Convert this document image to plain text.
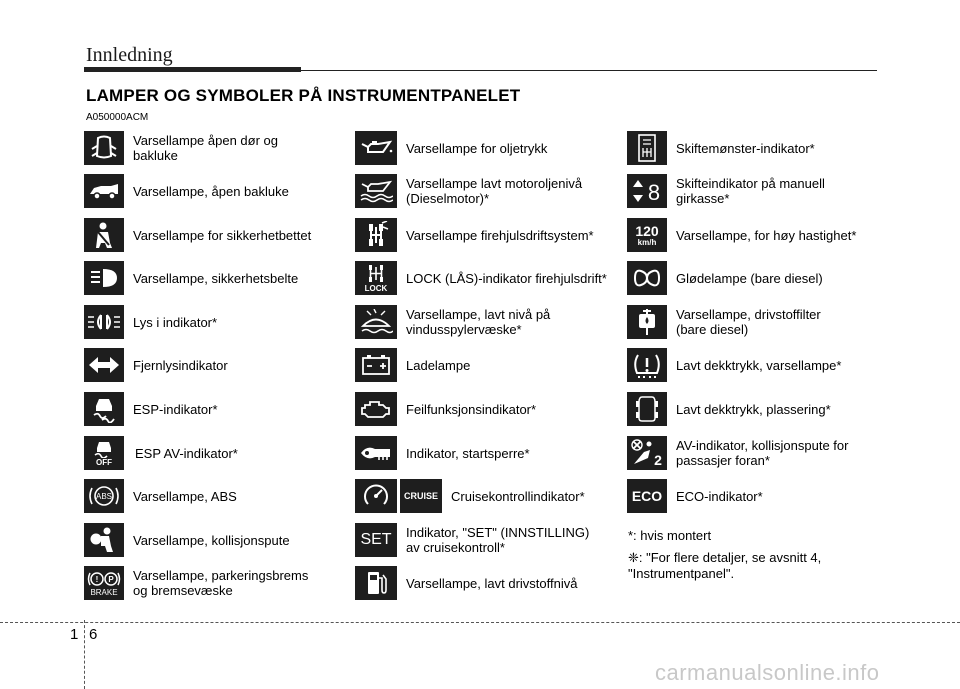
Innledning
LAMPER OG SYMBOLER PÅ INSTRUMENTPANELET
A050000ACM
Varsellampe åpen dør og
bakluke
Varsellampe, åpen bakluke
Varsellampe for sikkerhetbettet
Varsellampe, sikkerhetsbelte
Lys i indikator*
Fjernlysindikator
ESP-indikator*
OFF
ESP AV-indikator*
ABS Varsellampe, ABS
Varsellampe, kollisjonspute
! P
BRAKE
Varsellampe, parkeringsbrems
og bremsevæske
Varsellampe for oljetrykk
Varsellampe lavt motoroljenivå
(Dieselmotor)*
Varsellampe firehjulsdriftsystem*
LOCK
LOCK (LÅS)-indikator firehjulsdrift*
Varsellampe, lavt nivå på
vindusspylervæske*
Ladelampe
Feilfunksjonsindikator*
Indikator, startsperre*
CRUISE Cruisekontrollindikator*
SET Indikator, "SET" (INNSTILLING)
av cruisekontroll*
Varsellampe, lavt drivstoffnivå
Skiftemønster-indikator*
8 Skifteindikator på manuell
girkasse*
120
km/h Varsellampe, for høy hastighet*
Glødelampe (bare diesel)
Varsellampe, drivstoffilter
(bare diesel)
Lavt dekktrykk, varsellampe*
Lavt dekktrykk, plassering*
2
AV-indikator, kollisjonspute for
passasjer foran*
ECO ECO-indikator*
*: hvis montert
❈: "For flere detaljer, se avsnitt 4,
"Instrumentpanel".
1 6
carmanualsonline.info
